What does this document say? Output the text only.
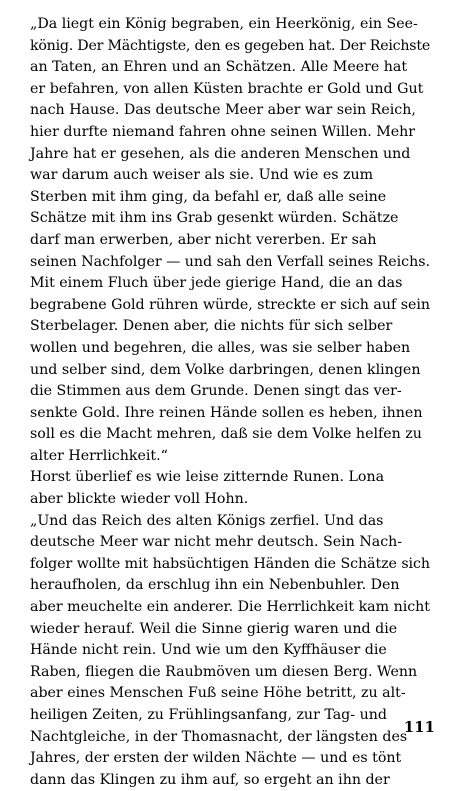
„Da liegt ein König begraben, ein Heerkönig, ein See-
könig. Der Mächtigste, den es gegeben hat. Der Reichste
an Taten, an Ehren und an Schätzen. Alle Meere hat
er befahren, von allen Küsten brachte er Gold und Gut
nach Hause. Das deutsche Meer aber war sein Reich,
hier durfte niemand fahren ohne seinen Willen. Mehr
Jahre hat er gesehen, als die anderen Menschen und
war darum auch weiser als sie. Und wie es zum
Sterben mit ihm ging, da befahl er, daß alle seine
Schätze mit ihm ins Grab gesenkt würden. Schätze
darf man erwerben, aber nicht vererben. Er sah
seinen Nachfolger — und sah den Verfall seines Reichs.
Mit einem Fluch über jede gierige Hand, die an das
begrabene Gold rühren würde, streckte er sich auf sein
Sterbelager. Denen aber, die nichts für sich selber
wollen und begehren, die alles, was sie selber haben
und selber sind, dem Volke darbringen, denen klingen
die Stimmen aus dem Grunde. Denen singt das ver-
senkte Gold. Ihre reinen Hände sollen es heben, ihnen
soll es die Macht mehren, daß sie dem Volke helfen zu
alter Herrlichkeit.“
Horst überlief es wie leise zitternde Runen. Lona
aber blickte wieder voll Hohn.
„Und das Reich des alten Königs zerfiel. Und das
deutsche Meer war nicht mehr deutsch. Sein Nach-
folger wollte mit habsüchtigen Händen die Schätze sich
heraufholen, da erschlug ihn ein Nebenbuhler. Den
aber meuchelte ein anderer. Die Herrlichkeit kam nicht
wieder herauf. Weil die Sinne gierig waren und die
Hände nicht rein. Und wie um den Kyffhäuser die
Raben, fliegen die Raubmöven um diesen Berg. Wenn
aber eines Menschen Fuß seine Höhe betritt, zu alt-
heiligen Zeiten, zu Frühlingsanfang, zur Tag- und
Nachtgleiche, in der Thomasnacht, der längsten des
Jahres, der ersten der wilden Nächte — und es tönt
dann das Klingen zu ihm auf, so ergeht an ihn der
111
